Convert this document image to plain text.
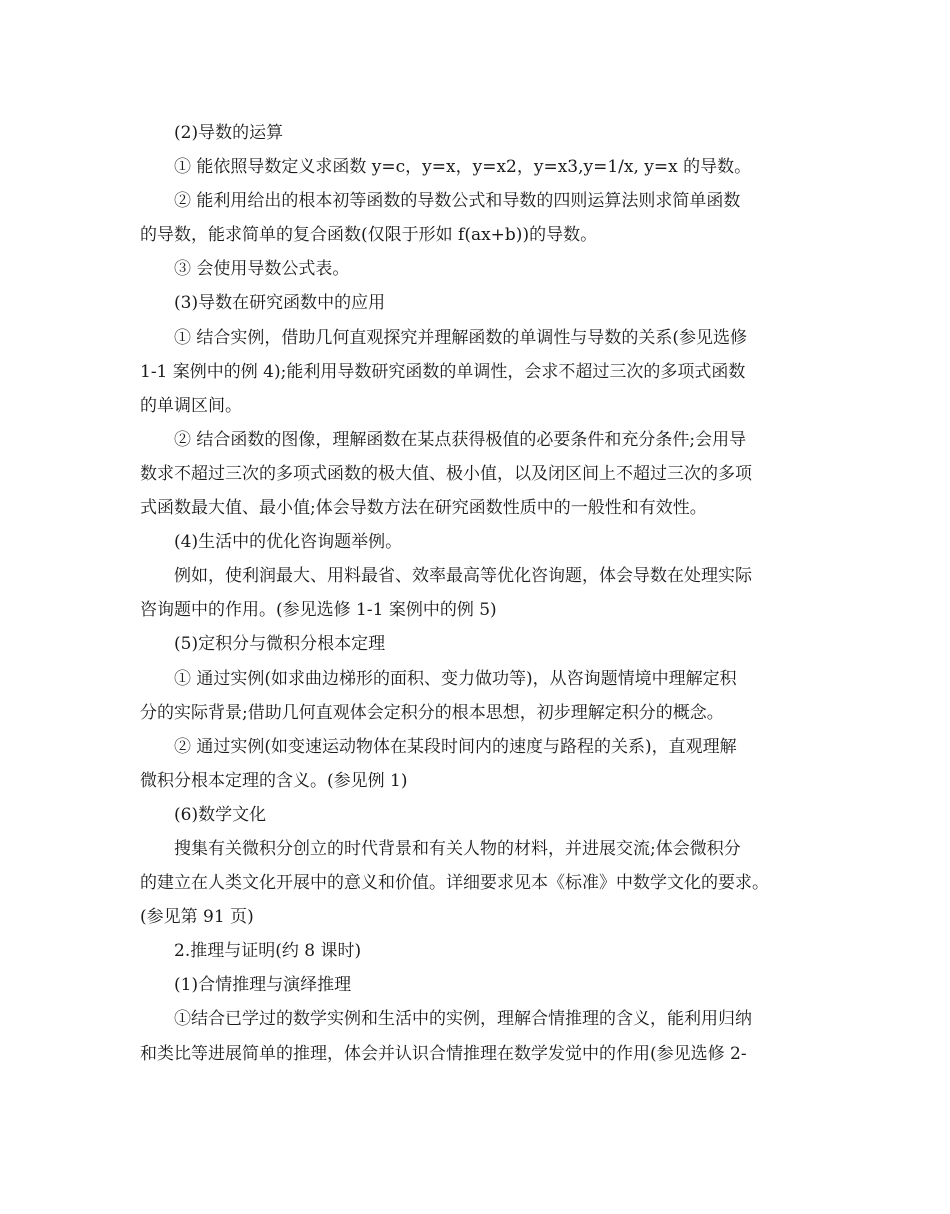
(2)导数的运算
① 能依照导数定义求函数 y=c，y=x，y=x2，y=x3,y=1/x, y=x 的导数。
② 能利用给出的根本初等函数的导数公式和导数的四则运算法则求简单函数
的导数，能求简单的复合函数(仅限于形如 f(ax+b))的导数。
③ 会使用导数公式表。
(3)导数在研究函数中的应用
① 结合实例，借助几何直观探究并理解函数的单调性与导数的关系(参见选修
1-1 案例中的例 4);能利用导数研究函数的单调性，会求不超过三次的多项式函数
的单调区间。
② 结合函数的图像，理解函数在某点获得极值的必要条件和充分条件;会用导
数求不超过三次的多项式函数的极大值、极小值，以及闭区间上不超过三次的多项
式函数最大值、最小值;体会导数方法在研究函数性质中的一般性和有效性。
(4)生活中的优化咨询题举例。
例如，使利润最大、用料最省、效率最高等优化咨询题，体会导数在处理实际
咨询题中的作用。(参见选修 1-1 案例中的例 5)
(5)定积分与微积分根本定理
① 通过实例(如求曲边梯形的面积、变力做功等)，从咨询题情境中理解定积
分的实际背景;借助几何直观体会定积分的根本思想，初步理解定积分的概念。
② 通过实例(如变速运动物体在某段时间内的速度与路程的关系)，直观理解
微积分根本定理的含义。(参见例 1)
(6)数学文化
搜集有关微积分创立的时代背景和有关人物的材料，并进展交流;体会微积分
的建立在人类文化开展中的意义和价值。详细要求见本《标准》中数学文化的要求。
(参见第 91 页)
2.推理与证明(约 8 课时)
(1)合情推理与演绎推理
①结合已学过的数学实例和生活中的实例，理解合情推理的含义，能利用归纳
和类比等进展简单的推理，体会并认识合情推理在数学发觉中的作用(参见选修 2-
